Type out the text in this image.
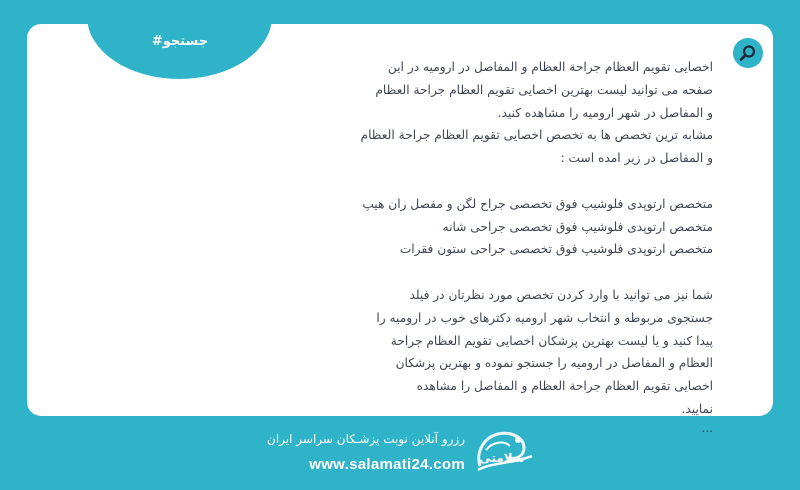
#جستجو

اخصایی تقویم العظام جراحة العظام و المفاصل در ارومیه در این

صفحه می توانید لیست بهترین اخصایی تقویم العظام جراحة العظام

و المفاصل در شهر ارومیه را مشاهده کنید.

مشابه ترین تخصص ها به تخصص اخصایی تقویم العظام جراحة العظام

و المفاصل در زیر امده است :

متخصص ارتوپدی فلوشیپ فوق تخصصی جراح لگن و مفصل ران هیپ

متخصص ارتوپدی فلوشیپ فوق تخصصی جراحی شانه

متخصص ارتوپدی فلوشیپ فوق تخصصی جراحی ستون فقرات

شما نیز می توانید با وارد کردن تخصص مورد نظرتان در فیلد

جستجوی مربوطه و انتخاب شهر ارومیه دکترهای خوب در ارومیه را

پیدا کنید و یا لیست بهترین پزشکان اخصایی تقویم العظام جراحة

العظام و المفاصل در ارومیه را جستجو نموده و بهترین پزشکان

اخصایی تقویم العظام جراحة العظام و المفاصل را مشاهده

نمایید.

...

سلامتی
رزرو آنلاین نوبت پزشـکان سراسر ایران
www.salamati24.com
